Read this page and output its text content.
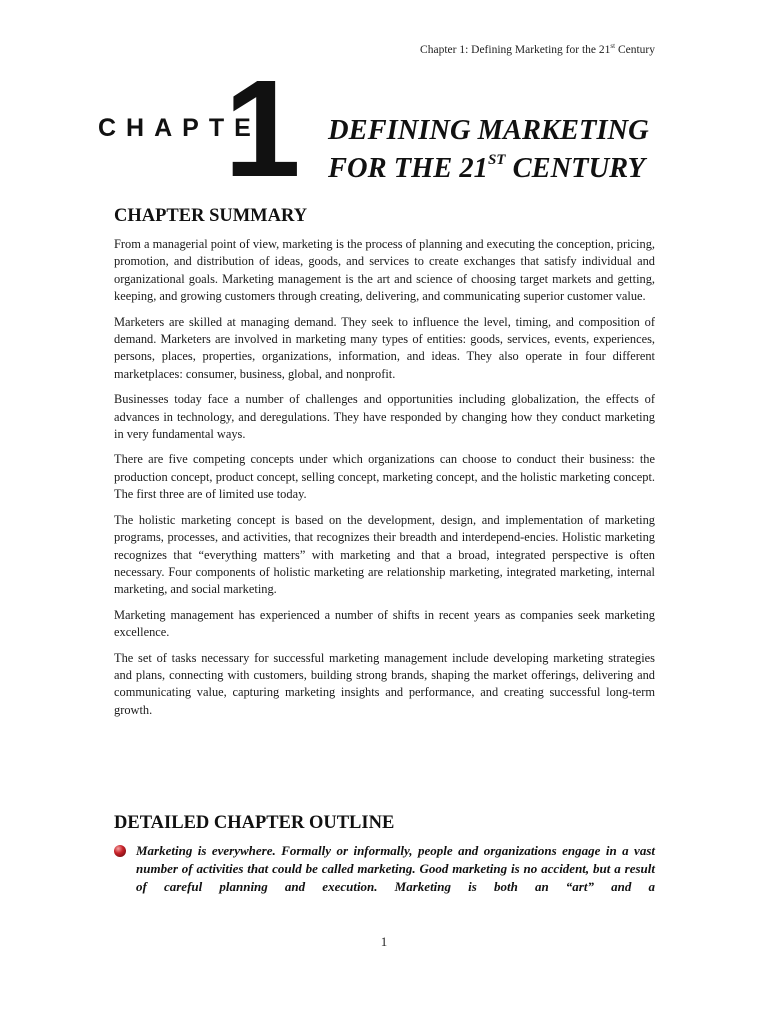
Chapter 1: Defining Marketing for the 21st Century
CHAPTE
1 DEFINING MARKETING
FOR THE 21ST CENTURY
CHAPTER SUMMARY

From a managerial point of view, marketing is the process of planning and executing the conception, pricing, promotion, and distribution of ideas, goods, and services to create exchanges that satisfy individual and organizational goals. Marketing management is the art and science of choosing target markets and getting, keeping, and growing customers through creating, delivering, and communicating superior customer value.

Marketers are skilled at managing demand. They seek to influence the level, timing, and composition of demand. Marketers are involved in marketing many types of entities: goods, services, events, experiences, persons, places, properties, organizations, information, and ideas. They also operate in four different marketplaces: consumer, business, global, and nonprofit.

Businesses today face a number of challenges and opportunities including globalization, the effects of advances in technology, and deregulations. They have responded by changing how they conduct marketing in very fundamental ways.

There are five competing concepts under which organizations can choose to conduct their business: the production concept, product concept, selling concept, marketing concept, and the holistic marketing concept. The first three are of limited use today.

The holistic marketing concept is based on the development, design, and implementation of marketing programs, processes, and activities, that recognizes their breadth and interdepend-encies. Holistic marketing recognizes that “everything matters” with marketing and that a broad, integrated perspective is often necessary. Four components of holistic marketing are relationship marketing, integrated marketing, internal marketing, and social marketing.

Marketing management has experienced a number of shifts in recent years as companies seek marketing excellence.

The set of tasks necessary for successful marketing management include developing marketing strategies and plans, connecting with customers, building strong brands, shaping the market offerings, delivering and communicating value, capturing marketing insights and performance, and creating successful long-term growth.

DETAILED CHAPTER OUTLINE

Marketing is everywhere. Formally or informally, people and organizations engage in a vast number of activities that could be called marketing. Good marketing is no accident, but a result of careful planning and execution. Marketing is both an “art” and a

1
